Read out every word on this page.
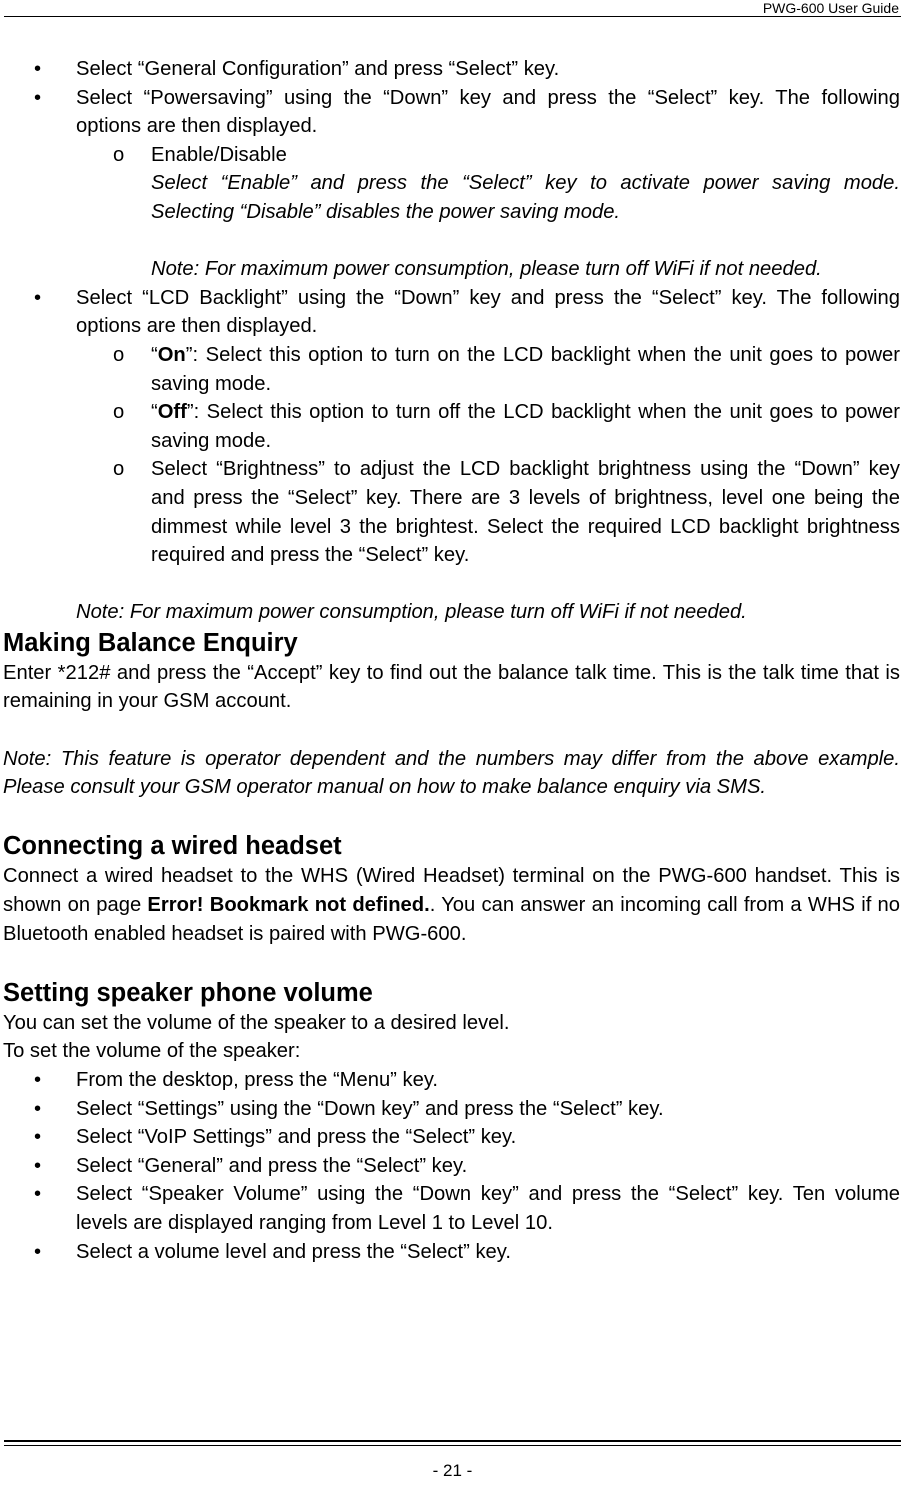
PWG-600 User Guide

• Select “General Configuration” and press “Select” key.

• Select “Powersaving” using the “Down” key and press the “Select” key. The following options are then displayed.

o Enable/Disable

Select “Enable” and press the “Select” key to activate power saving mode. Selecting “Disable” disables the power saving mode.

Note: For maximum power consumption, please turn off WiFi if not needed.

• Select “LCD Backlight” using the “Down” key and press the “Select” key. The following options are then displayed.

o “On”: Select this option to turn on the LCD backlight when the unit goes to power saving mode.

o “Off”: Select this option to turn off the LCD backlight when the unit goes to power saving mode.

o Select “Brightness” to adjust the LCD backlight brightness using the “Down” key and press the “Select” key. There are 3 levels of brightness, level one being the dimmest while level 3 the brightest. Select the required LCD backlight brightness required and press the “Select” key.

Note: For maximum power consumption, please turn off WiFi if not needed.

Making Balance Enquiry

Enter *212# and press the “Accept” key to find out the balance talk time. This is the talk time that is remaining in your GSM account.

Note: This feature is operator dependent and the numbers may differ from the above example. Please consult your GSM operator manual on how to make balance enquiry via SMS.

Connecting a wired headset

Connect a wired headset to the WHS (Wired Headset) terminal on the PWG-600 handset. This is shown on page Error! Bookmark not defined.. You can answer an incoming call from a WHS if no Bluetooth enabled headset is paired with PWG-600.

Setting speaker phone volume

You can set the volume of the speaker to a desired level.

To set the volume of the speaker:

• From the desktop, press the “Menu” key.

• Select “Settings” using the “Down key” and press the “Select” key.

• Select “VoIP Settings” and press the “Select” key.

• Select “General” and press the “Select” key.

• Select “Speaker Volume” using the “Down key” and press the “Select” key. Ten volume levels are displayed ranging from Level 1 to Level 10.

• Select a volume level and press the “Select” key.

- 21 -
